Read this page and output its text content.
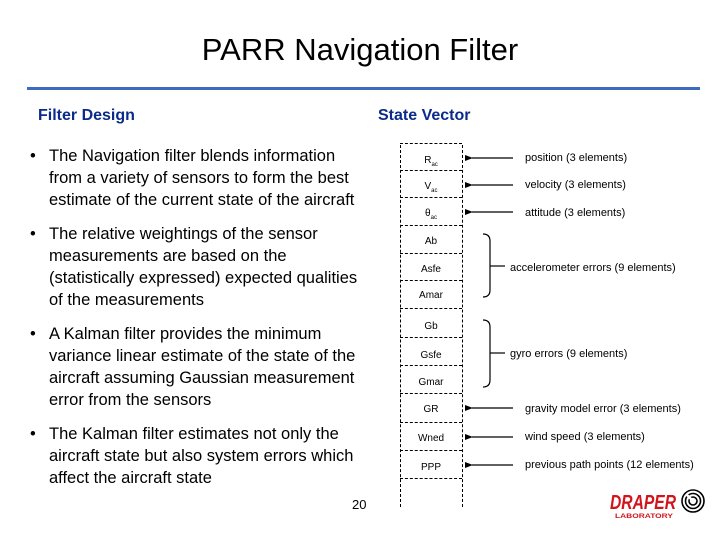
PARR Navigation Filter
Filter Design	State Vector
• The Navigation filter blends information from a variety of sensors to form the best estimate of the current state of the aircraft
• The relative weightings of the sensor measurements are based on the (statistically expressed) expected qualities of the measurements
• A Kalman filter provides the minimum variance linear estimate of the state of the aircraft assuming Gaussian measurement error from the sensors
• The Kalman filter estimates not only the aircraft state but also system errors which affect the aircraft state
$R_{ac}$
$V_{ac}$
$\theta_{ac}$
Ab
Asfe
Amar
Gb
Gsfe
Gmar
GR
Wned
PPP
position (3 elements)
velocity (3 elements)
attitude (3 elements)
accelerometer errors (9 elements)
gyro errors (9 elements)
gravity model error (3 elements)
wind speed (3 elements)
previous path points (12 elements)
20	DRAPER
LABORATORY
